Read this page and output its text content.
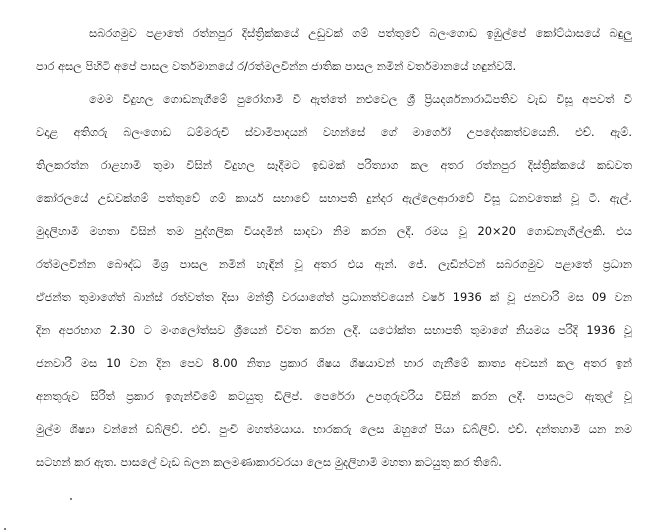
සබරගමුව පළාතේ රත්නපුර දිස්ත්‍රික්කයේ උඩුවක් ගම් පත්තුවේ බලංගොඩ ඉඹුල්පේ කෝට්ඨාසයේ බඳුලු
පාර අසල පිහිටි අපේ පාසල වර්තමානයේ ර/රත්මලවින්න ජාතික පාසල නමින් වර්තමානයේ හඳුන්වයි.
මෙම විදුහල ගොඩනැගීමේ පුරෝගාමී වී ඇත්තේ නළුවෙල ශ්‍රී ප්‍රියදර්ශනාරාධිපතිව වැඩ විසූ අපවත් වී
වදාළ අතිගරු බලංගොඩ ධම්මරුචි ස්වාමිපාදයන් වහන්සේ ගේ මාර්ගෝ උපදේශකත්වයෙනි. එච්. ඇම්.
තිලකරත්න රාළහාමි තුමා විසින් විදුහල සෑදීමට ඉඩමක් පරිත්‍යාග කල අතර රත්නපුර දිස්ත්‍රික්කයේ කඩවත
කෝරලයේ උඩවක්ගම් පත්තුවේ ගම් කාර්ය සභාවේ සභාපති දුන්දර ඇල්ලෙආරාවේ විසූ ධනවතෙක් වූ ටී. ඇල්.
මුදලිහාමි මහතා විසින් තම පුද්ගලික වියදමින් සාදවා නිම කරන ලදී. රමය වූ 20×20 ගොඩනැගිල්ලකි. එය
රත්මලවින්න බෞද්ධ මිශ්‍ර පාසල නමින් හැඳින් වූ අතර එය ඇන්. ජේ. ලැඩින්ටන් සබරගමුව පළාතේ ප්‍රධාන
ඒජන්ත තුමාගේත් බාන්ස් රත්වත්ත දිසා මන්ත්‍රී වරයාගේත් ප්‍රධානත්වයෙන් වර්ෂ 1936 ක් වූ ජනවාරි මස 09 වන
දින අපරභාග 2.30 ට මංගලෝත්සව ශ්‍රීයෙන් විවත කරන ලදී. යථෝක්ත සභාපති තුමාගේ නියමය පරිදි 1936 වූ
ජනවාරි මස 10 වන දින පෙව 8.00 නිත්‍ය ප්‍රකාර ශිෂය ශිෂයාවන් භාර ගැනීමේ කාත්‍ය අවසන් කල අතර ඉන්
අනතුරුව සිරිත් ප්‍රකාර ඉගැන්වීමේ කටයුතු ඩිලිප්. පෙරේරා උපගුරුවරිය විසින් කරන ලදී. පාසලට ඇතුල් වූ
මුල්ම ශිෂ්‍යා වන්නේ ඩබ්ලිව්. එච්. පුංචි මහත්මයාය. භාරකරු ලෙස ඔහුගේ පියා ඩබ්ලිව්. එච්. දන්තහාමි යන නම
සටහන් කර ඇත. පාසලේ වැඩ බලන කලමණාකාරවරයා ලෙස මුදලිහාමි මහතා කටයුතු කර තිබේ.
